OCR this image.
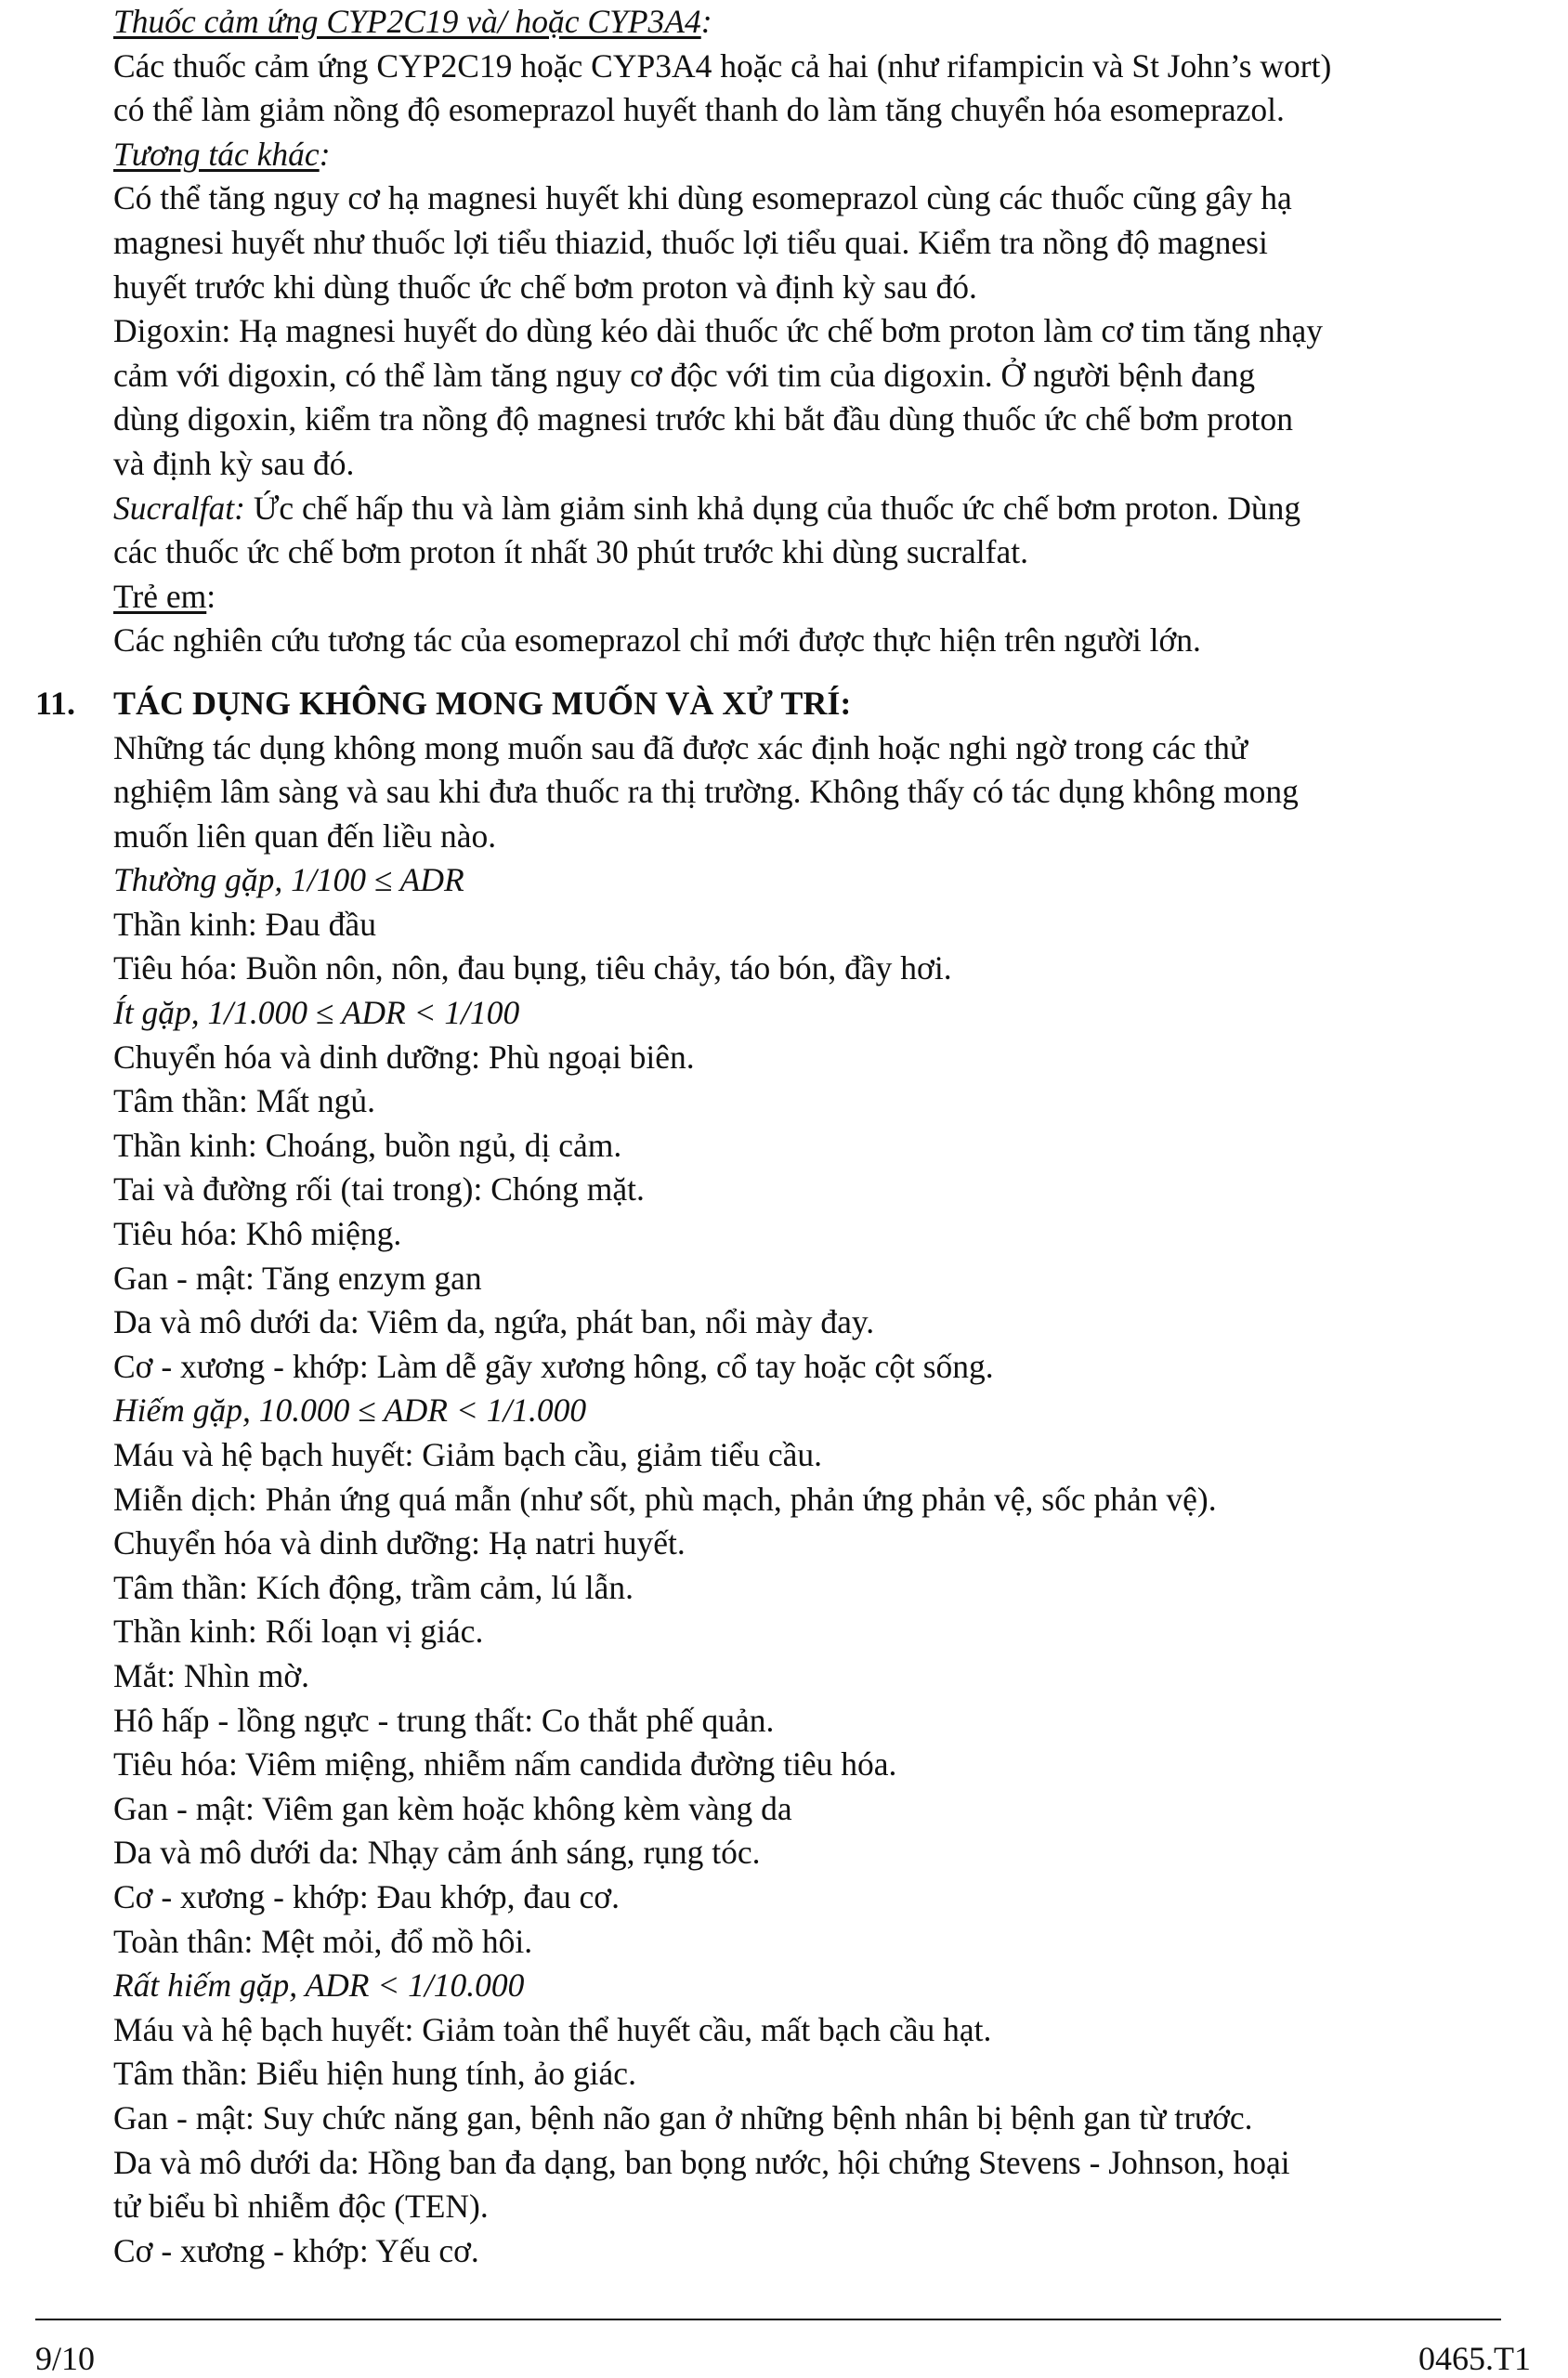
Thuốc cảm ứng CYP2C19 và/ hoặc CYP3A4:

Các thuốc cảm ứng CYP2C19 hoặc CYP3A4 hoặc cả hai (như rifampicin và St John’s wort)

có thể làm giảm nồng độ esomeprazol huyết thanh do làm tăng chuyển hóa esomeprazol.

Tương tác khác:

Có thể tăng nguy cơ hạ magnesi huyết khi dùng esomeprazol cùng các thuốc cũng gây hạ

magnesi huyết như thuốc lợi tiểu thiazid, thuốc lợi tiểu quai. Kiểm tra nồng độ magnesi

huyết trước khi dùng thuốc ức chế bơm proton và định kỳ sau đó.

Digoxin: Hạ magnesi huyết do dùng kéo dài thuốc ức chế bơm proton làm cơ tim tăng nhạy

cảm với digoxin, có thể làm tăng nguy cơ độc với tim của digoxin. Ở người bệnh đang

dùng digoxin, kiểm tra nồng độ magnesi trước khi bắt đầu dùng thuốc ức chế bơm proton

và định kỳ sau đó.

Sucralfat: Ức chế hấp thu và làm giảm sinh khả dụng của thuốc ức chế bơm proton. Dùng

các thuốc ức chế bơm proton ít nhất 30 phút trước khi dùng sucralfat.

Trẻ em:

Các nghiên cứu tương tác của esomeprazol chỉ mới được thực hiện trên người lớn.

11. TÁC DỤNG KHÔNG MONG MUỐN VÀ XỬ TRÍ:

Những tác dụng không mong muốn sau đã được xác định hoặc nghi ngờ trong các thử

nghiệm lâm sàng và sau khi đưa thuốc ra thị trường. Không thấy có tác dụng không mong

muốn liên quan đến liều nào.

Thường gặp, 1/100 ≤ ADR

Thần kinh: Đau đầu

Tiêu hóa: Buồn nôn, nôn, đau bụng, tiêu chảy, táo bón, đầy hơi.

Ít gặp, 1/1.000 ≤ ADR < 1/100

Chuyển hóa và dinh dưỡng: Phù ngoại biên.

Tâm thần: Mất ngủ.

Thần kinh: Choáng, buồn ngủ, dị cảm.

Tai và đường rối (tai trong): Chóng mặt.

Tiêu hóa: Khô miệng.

Gan - mật: Tăng enzym gan

Da và mô dưới da: Viêm da, ngứa, phát ban, nổi mày đay.

Cơ - xương - khớp: Làm dễ gãy xương hông, cổ tay hoặc cột sống.

Hiếm gặp, 10.000 ≤ ADR < 1/1.000

Máu và hệ bạch huyết: Giảm bạch cầu, giảm tiểu cầu.

Miễn dịch: Phản ứng quá mẫn (như sốt, phù mạch, phản ứng phản vệ, sốc phản vệ).

Chuyển hóa và dinh dưỡng: Hạ natri huyết.

Tâm thần: Kích động, trầm cảm, lú lẫn.

Thần kinh: Rối loạn vị giác.

Mắt: Nhìn mờ.

Hô hấp - lồng ngực - trung thất: Co thắt phế quản.

Tiêu hóa: Viêm miệng, nhiễm nấm candida đường tiêu hóa.

Gan - mật: Viêm gan kèm hoặc không kèm vàng da

Da và mô dưới da: Nhạy cảm ánh sáng, rụng tóc.

Cơ - xương - khớp: Đau khớp, đau cơ.

Toàn thân: Mệt mỏi, đổ mồ hôi.

Rất hiếm gặp, ADR < 1/10.000

Máu và hệ bạch huyết: Giảm toàn thể huyết cầu, mất bạch cầu hạt.

Tâm thần: Biểu hiện hung tính, ảo giác.

Gan - mật: Suy chức năng gan, bệnh não gan ở những bệnh nhân bị bệnh gan từ trước.

Da và mô dưới da: Hồng ban đa dạng, ban bọng nước, hội chứng Stevens - Johnson, hoại

tử biểu bì nhiễm độc (TEN).

Cơ - xương - khớp: Yếu cơ.

9/10	0465.T1
